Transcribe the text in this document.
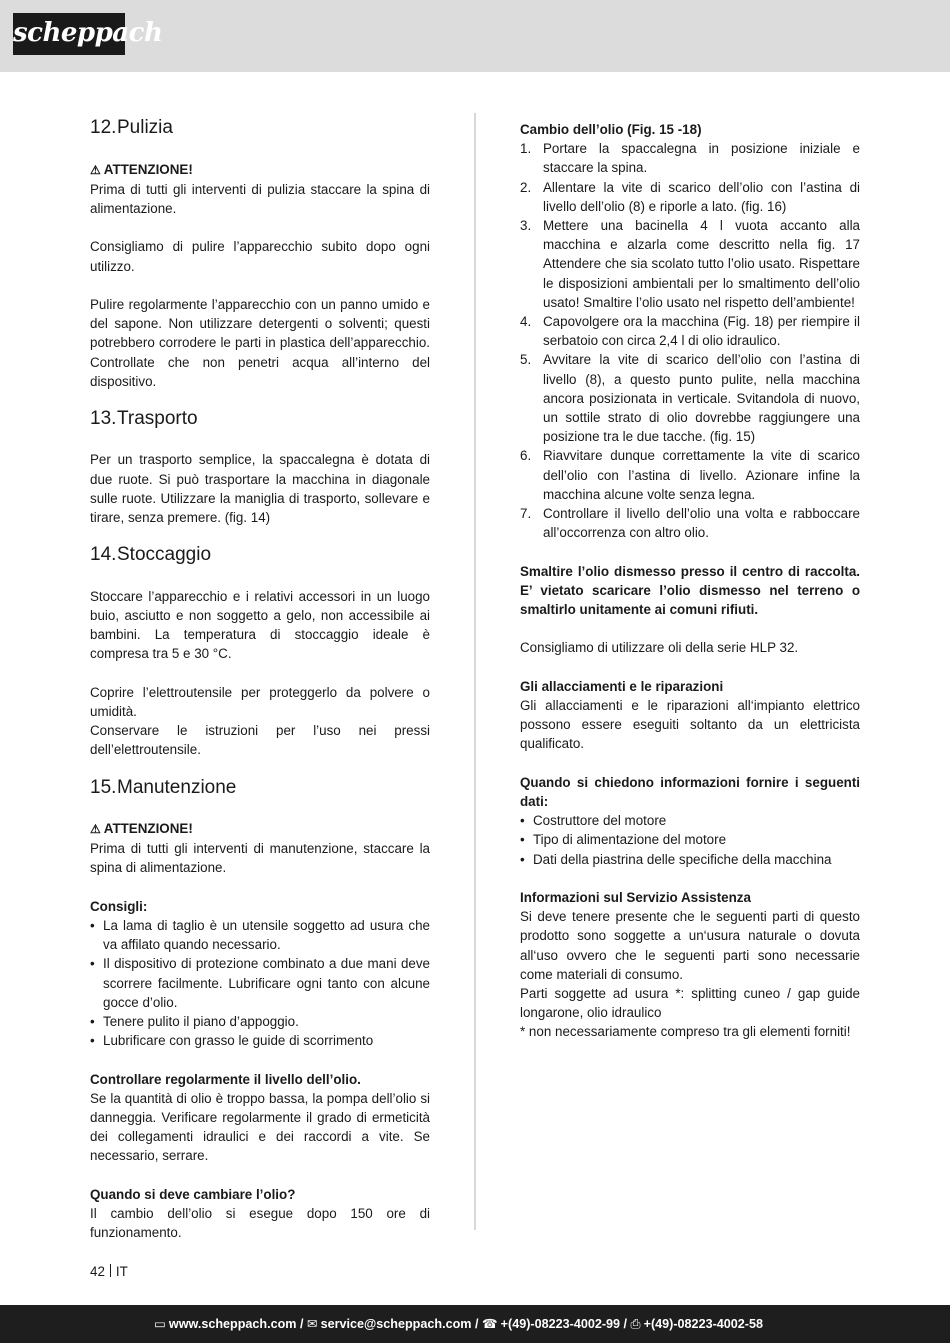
scheppach
12.Pulizia

⚠ ATTENZIONE!

Prima di tutti gli interventi di pulizia staccare la spina di alimentazione.

Consigliamo di pulire l’apparecchio subito dopo ogni utilizzo.

Pulire regolarmente l’apparecchio con un panno umido e del sapone. Non utilizzare detergenti o solventi; questi potrebbero corrodere le parti in plastica dell’apparecchio. Controllate che non penetri acqua all’interno del dispositivo.

13.Trasporto

Per un trasporto semplice, la spaccalegna è dotata di due ruote. Si può trasportare la macchina in diagonale sulle ruote. Utilizzare la maniglia di trasporto, sollevare e tirare, senza premere. (fig. 14)

14.Stoccaggio

Stoccare l’apparecchio e i relativi accessori in un luogo buio, asciutto e non soggetto a gelo, non accessibile ai bambini. La temperatura di stoccaggio ideale è compresa tra 5 e 30 °C.

Coprire l’elettroutensile per proteggerlo da polvere o umidità.

Conservare le istruzioni per l’uso nei pressi dell’elettroutensile.

15.Manutenzione

⚠ ATTENZIONE!

Prima di tutti gli interventi di manutenzione, staccare la spina di alimentazione.

Consigli:

• La lama di taglio è un utensile soggetto ad usura che va affilato quando necessario.
• Il dispositivo di protezione combinato a due mani deve scorrere facilmente. Lubrificare ogni tanto con alcune gocce d’olio.
• Tenere pulito il piano d’appoggio.
• Lubrificare con grasso le guide di scorrimento

Controllare regolarmente il livello dell’olio.

Se la quantità di olio è troppo bassa, la pompa dell’olio si danneggia. Verificare regolarmente il grado di ermeticità dei collegamenti idraulici e dei raccordi a vite. Se necessario, serrare.

Quando si deve cambiare l’olio?

Il cambio dell’olio si esegue dopo 150 ore di funzionamento.

Cambio dell’olio (Fig. 15 -18)

1. Portare la spaccalegna in posizione iniziale e staccare la spina.
2. Allentare la vite di scarico dell’olio con l’astina di livello dell’olio (8) e riporle a lato. (fig. 16)
3. Mettere una bacinella 4 l vuota accanto alla macchina e alzarla come descritto nella fig. 17 Attendere che sia scolato tutto l’olio usato. Rispettare le disposizioni ambientali per lo smaltimento dell’olio usato! Smaltire l’olio usato nel rispetto dell’ambiente!
4. Capovolgere ora la macchina (Fig. 18) per riempire il serbatoio con circa 2,4 l di olio idraulico.
5. Avvitare la vite di scarico dell’olio con l’astina di livello (8), a questo punto pulite, nella macchina ancora posizionata in verticale. Svitandola di nuovo, un sottile strato di olio dovrebbe raggiungere una posizione tra le due tacche. (fig. 15)
6. Riavvitare dunque correttamente la vite di scarico dell’olio con l’astina di livello. Azionare infine la macchina alcune volte senza legna.
7. Controllare il livello dell’olio una volta e rabboccare all’occorrenza con altro olio.

Smaltire l’olio dismesso presso il centro di raccolta. E’ vietato scaricare l’olio dismesso nel terreno o smaltirlo unitamente ai comuni rifiuti.

Consigliamo di utilizzare oli della serie HLP 32.

Gli allacciamenti e le riparazioni

Gli allacciamenti e le riparazioni all‘impianto elettrico possono essere eseguiti soltanto da un elettricista qualificato.

Quando si chiedono informazioni fornire i seguenti dati:

• Costruttore del motore
• Tipo di alimentazione del motore
• Dati della piastrina delle specifiche della macchina

Informazioni sul Servizio Assistenza

Si deve tenere presente che le seguenti parti di questo prodotto sono soggette a un‘usura naturale o dovuta all‘uso ovvero che le seguenti parti sono necessarie come materiali di consumo.

Parti soggette ad usura *: splitting cuneo / gap guide longarone, olio idraulico

* non necessariamente compreso tra gli elementi forniti!

42 IT
▭ www.scheppach.com / ✉ service@scheppach.com / ☎ +(49)-08223-4002-99 / ⎙ +(49)-08223-4002-58
